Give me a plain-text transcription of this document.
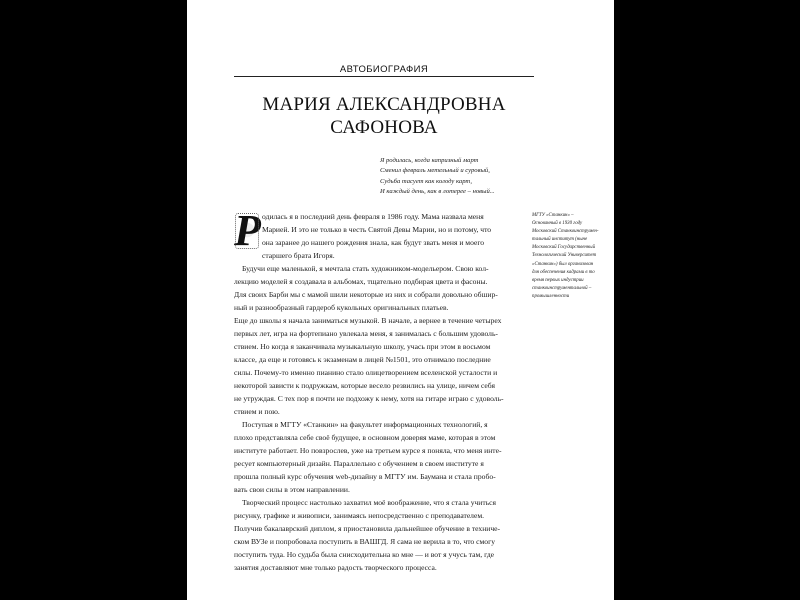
АВТОБИОГРАФИЯ
МАРИЯ АЛЕКСАНДРОВНА
САФОНОВА
Я родилась, когда капризный март
Сменил февраль метельный и суровый,
Судьба тасует как колоду карт,
И каждый день, как в лотерее – новый...
МГТУ «Станкин» –
Основанный в 1930 году
Московский Станкоинструмен-
тальный институт (ныне
Московский Государственный
Технологический Университет
«Станкин») был организован
для обеспечения кадрами в то
время первых индустрии
станкоинструментальной –
промышленности
Р одилась я в последний день февраля в 1986 году. Мама назвала меня
Марией. И это не только в честь Святой Девы Марии, но и потому, что
она заранее до нашего рождения знала, как будут звать меня и моего
старшего брата Игоря.
Будучи еще маленькой, я мечтала стать художником-модельером. Свою кол-
лекцию моделей я создавала в альбомах, тщательно подбирая цвета и фасоны.
Для своих Барби мы с мамой шили некоторые из них и собрали довольно обшир-
ный и разнообразный гардероб кукольных оригинальных платьев.
Еще до школы я начала заниматься музыкой. В начале, а вернее в течение четырех
первых лет, игра на фортепиано увлекала меня, я занималась с большим удоволь-
ствием. Но когда я заканчивала музыкальную школу, учась при этом в восьмом
классе, да еще и готовясь к экзаменам в лицей №1501, это отнимало последние
силы. Почему-то именно пианино стало олицетворением вселенской усталости и
некоторой зависти к подружкам, которые весело резвились на улице, ничем себя
не утруждая. С тех пор я почти не подхожу к нему, хотя на гитаре играю с удоволь-
ствием и пою.
Поступая в МГТУ «Станкин» на факультет информационных технологий, я
плохо представляла себе своё будущее, в основном доверяя маме, которая в этом
институте работает. Но повзрослев, уже на третьем курсе я поняла, что меня инте-
ресует компьютерный дизайн. Параллельно с обучением в своем институте я
прошла полный курс обучения web-дизайну в МГТУ им. Баумана и стала пробо-
вать свои силы в этом направлении.
Творческий процесс настолько захватил моё воображение, что я стала учиться
рисунку, графике и живописи, занимаясь непосредственно с преподавателем.
Получив бакалаврский диплом, я приостановила дальнейшее обучение в техниче-
ском ВУЗе и попробовала поступить в ВАШГД. Я сама не верила в то, что смогу
поступить туда. Но судьба была снисходительна ко мне — и вот я учусь там, где
занятия доставляют мне только радость творческого процесса.
